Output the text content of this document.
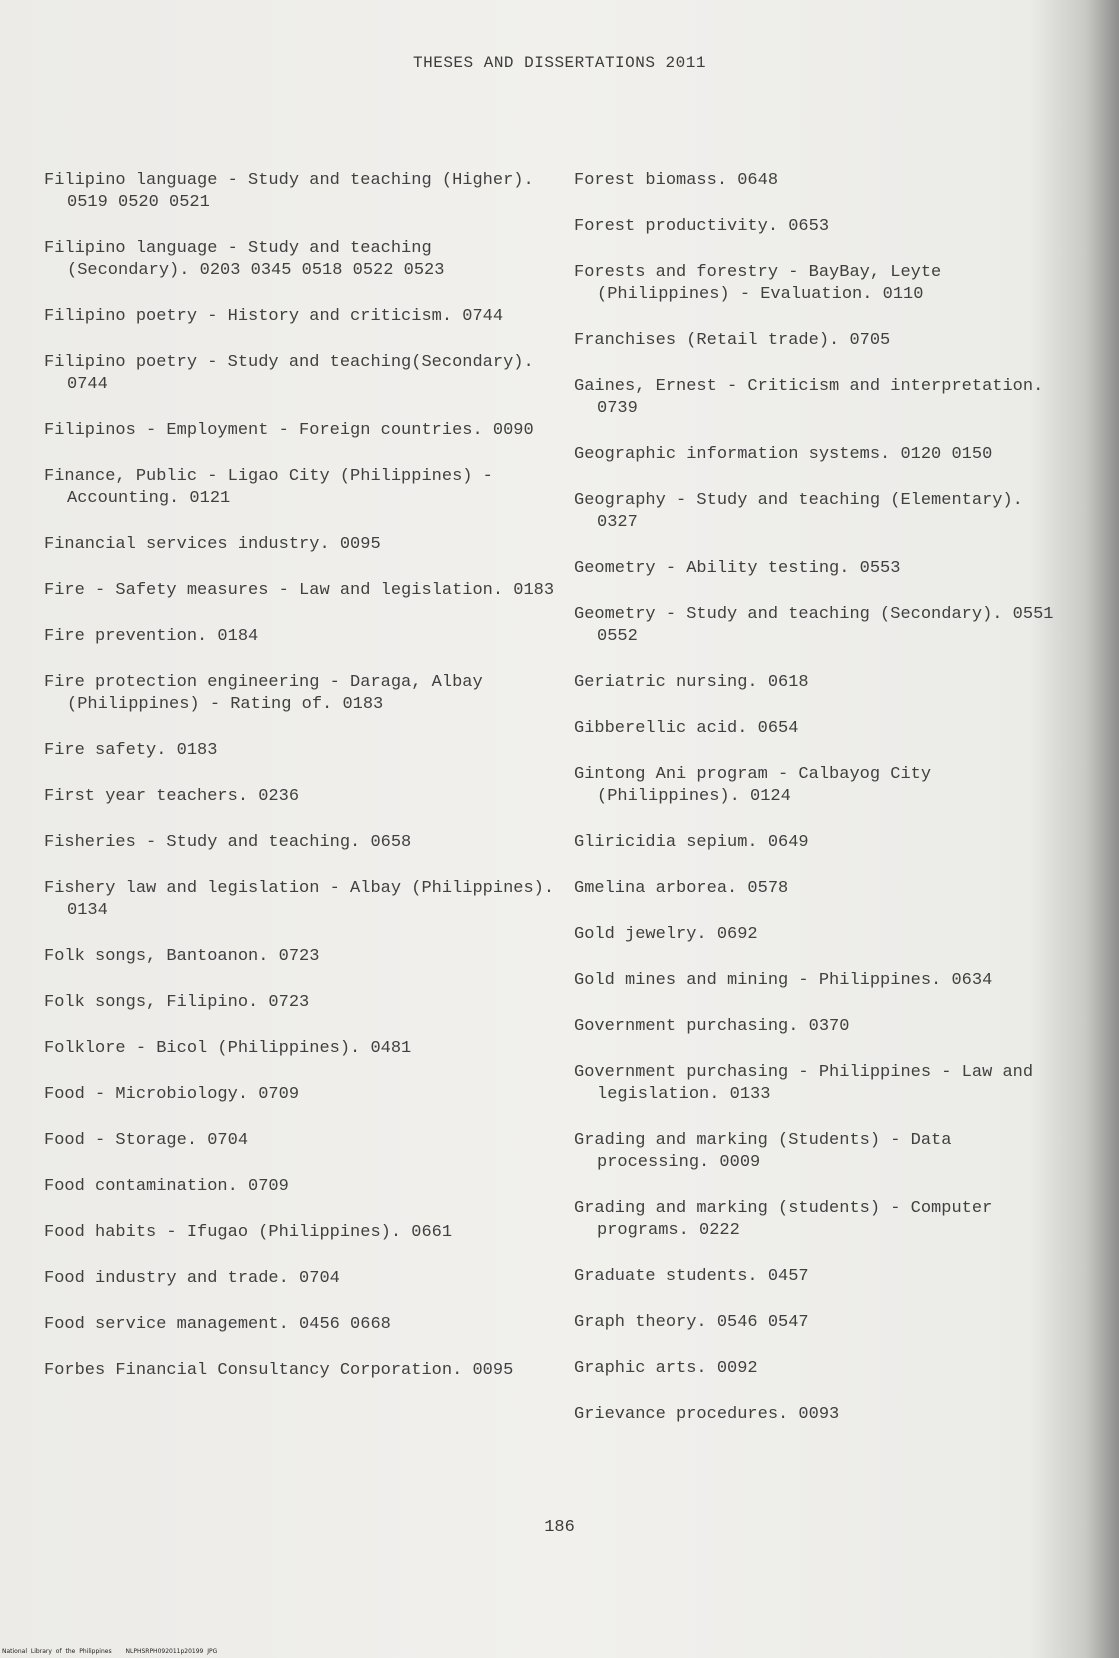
THESES AND DISSERTATIONS 2011
Filipino language - Study and teaching (Higher). 0519 0520 0521
Filipino language - Study and teaching (Secondary). 0203 0345 0518 0522 0523
Filipino poetry - History and criticism. 0744
Filipino poetry - Study and teaching(Secondary). 0744
Filipinos - Employment - Foreign countries. 0090
Finance, Public - Ligao City (Philippines) - Accounting. 0121
Financial services industry. 0095
Fire - Safety measures - Law and legislation. 0183
Fire prevention. 0184
Fire protection engineering - Daraga, Albay (Philippines) - Rating of. 0183
Fire safety. 0183
First year teachers. 0236
Fisheries - Study and teaching. 0658
Fishery law and legislation - Albay (Philippines). 0134
Folk songs, Bantoanon. 0723
Folk songs, Filipino. 0723
Folklore - Bicol (Philippines). 0481
Food - Microbiology. 0709
Food - Storage. 0704
Food contamination. 0709
Food habits - Ifugao (Philippines). 0661
Food industry and trade. 0704
Food service management. 0456 0668
Forbes Financial Consultancy Corporation. 0095
Forest biomass. 0648
Forest productivity. 0653
Forests and forestry - BayBay, Leyte (Philippines) - Evaluation. 0110
Franchises (Retail trade). 0705
Gaines, Ernest - Criticism and interpretation. 0739
Geographic information systems. 0120 0150
Geography - Study and teaching (Elementary). 0327
Geometry - Ability testing. 0553
Geometry - Study and teaching (Secondary). 0551 0552
Geriatric nursing. 0618
Gibberellic acid. 0654
Gintong Ani program - Calbayog City (Philippines). 0124
Gliricidia sepium. 0649
Gmelina arborea. 0578
Gold jewelry. 0692
Gold mines and mining - Philippines. 0634
Government purchasing. 0370
Government purchasing - Philippines - Law and legislation. 0133
Grading and marking (Students) - Data processing. 0009
Grading and marking (students) - Computer programs. 0222
Graduate students. 0457
Graph theory. 0546 0547
Graphic arts. 0092
Grievance procedures. 0093
186
National Library of the Philippines NLPHSRPH092011p20199 JPG
